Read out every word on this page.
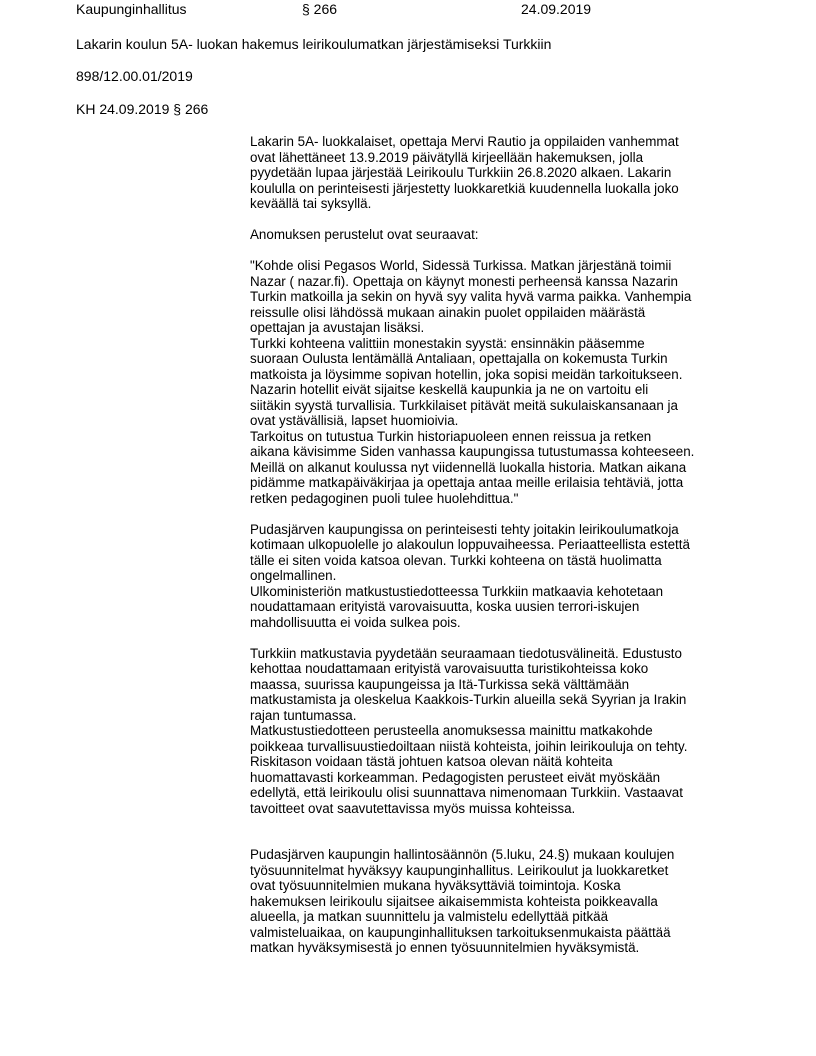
Kaupunginhallitus	§ 266	24.09.2019
Lakarin koulun 5A- luokan hakemus leirikoulumatkan järjestämiseksi Turkkiin
898/12.00.01/2019
KH 24.09.2019 § 266
Lakarin 5A- luokkalaiset, opettaja Mervi Rautio ja oppilaiden vanhemmat
ovat lähettäneet 13.9.2019 päivätyllä kirjeellään hakemuksen, jolla
pyydetään lupaa järjestää Leirikoulu Turkkiin 26.8.2020 alkaen. Lakarin
koululla on perinteisesti järjestetty luokkaretkiä kuudennella luokalla joko
keväällä tai syksyllä.
Anomuksen perustelut ovat seuraavat:
"Kohde olisi Pegasos World, Sidessä Turkissa. Matkan järjestänä toimii
Nazar ( nazar.fi). Opettaja on käynyt monesti perheensä kanssa Nazarin
Turkin matkoilla ja sekin on hyvä syy valita hyvä varma paikka. Vanhempia
reissulle olisi lähdössä mukaan ainakin puolet oppilaiden määrästä
opettajan ja avustajan lisäksi.
Turkki kohteena valittiin monestakin syystä: ensinnäkin pääsemme
suoraan Oulusta lentämällä Antaliaan, opettajalla on kokemusta Turkin
matkoista ja löysimme sopivan hotellin, joka sopisi meidän tarkoitukseen.
Nazarin hotellit eivät sijaitse keskellä kaupunkia ja ne on vartoitu eli
siitäkin syystä turvallisia. Turkkilaiset pitävät meitä sukulaiskansanaan ja
ovat ystävällisiä, lapset huomioivia.
Tarkoitus on tutustua Turkin historiapuoleen ennen reissua ja retken
aikana kävisimme Siden vanhassa kaupungissa tutustumassa kohteeseen.
Meillä on alkanut koulussa nyt viidennellä luokalla historia. Matkan aikana
pidämme matkapäiväkirjaa ja opettaja antaa meille erilaisia tehtäviä, jotta
retken pedagoginen puoli tulee huolehdittua."
Pudasjärven kaupungissa on perinteisesti tehty joitakin leirikoulumatkoja
kotimaan ulkopuolelle jo alakoulun loppuvaiheessa. Periaatteellista estettä
tälle ei siten voida katsoa olevan. Turkki kohteena on tästä huolimatta
ongelmallinen.
Ulkoministeriön matkustustiedotteessa Turkkiin matkaavia kehotetaan
noudattamaan erityistä varovaisuutta, koska uusien terrori-iskujen
mahdollisuutta ei voida sulkea pois.
Turkkiin matkustavia pyydetään seuraamaan tiedotusvälineitä. Edustusto
kehottaa noudattamaan erityistä varovaisuutta turistikohteissa koko
maassa, suurissa kaupungeissa ja Itä-Turkissa sekä välttämään
matkustamista ja oleskelua Kaakkois-Turkin alueilla sekä Syyrian ja Irakin
rajan tuntumassa.
Matkustustiedotteen perusteella anomuksessa mainittu matkakohde
poikkeaa turvallisuustiedoiltaan niistä kohteista, joihin leirikouluja on tehty.
Riskitason voidaan tästä johtuen katsoa olevan näitä kohteita
huomattavasti korkeamman. Pedagogisten perusteet eivät myöskään
edellytä, että leirikoulu olisi suunnattava nimenomaan Turkkiin. Vastaavat
tavoitteet ovat saavutettavissa myös muissa kohteissa.
Pudasjärven kaupungin hallintosäännön (5.luku, 24.§) mukaan koulujen
työsuunnitelmat hyväksyy kaupunginhallitus. Leirikoulut ja luokkaretket
ovat työsuunnitelmien mukana hyväksyttäviä toimintoja. Koska
hakemuksen leirikoulu sijaitsee aikaisemmista kohteista poikkeavalla
alueella, ja matkan suunnittelu ja valmistelu edellyttää pitkää
valmisteluaikaa, on kaupunginhallituksen tarkoituksenmukaista päättää
matkan hyväksymisestä jo ennen työsuunnitelmien hyväksymistä.
